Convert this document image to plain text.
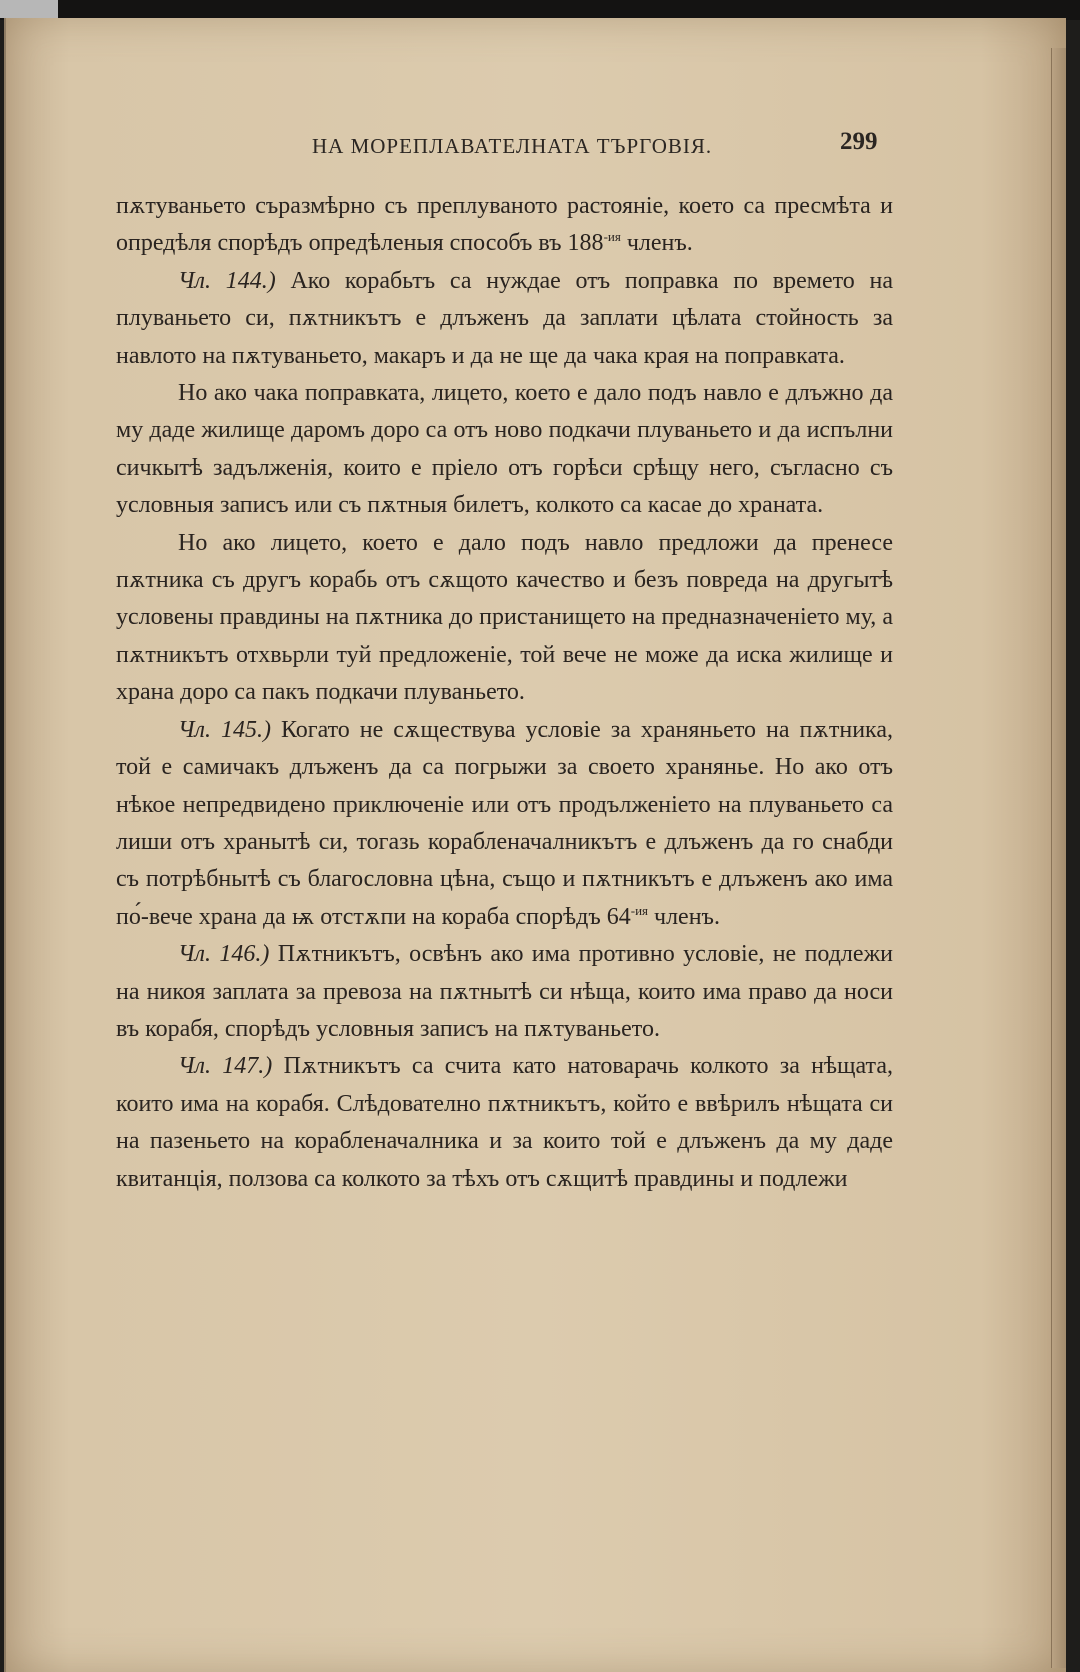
НА МОРЕПЛАВАТЕЛНАТА ТЪРГОВІЯ.	299

пѫтуваньето съразмѣрно съ преплуваното растояніе, което са пресмѣта и опредѣля спорѣдъ опредѣленыя способъ въ $188^{-ия}$ членъ.

Чл. 144.) Ако корабьтъ са нуждае отъ поправка по времето на плуваньето си, пѫтникътъ е длъженъ да заплати цѣлата стойность за навлото на пѫтуваньето, макаръ и да не ще да чака края на поправката.

Но ако чака поправката, лицето, което е дало подъ навло е длъжно да му даде жилище даромъ доро са отъ ново подкачи плуваньето и да испълни сичкытѣ задълженія, които е пріело отъ горѣси срѣщу него, съгласно съ условныя записъ или съ пѫтныя билетъ, колкото са касае до храната.

Но ако лицето, което е дало подъ навло предложи да пренесе пѫтника съ другъ корабь отъ сѫщото качество и безъ повреда на другытѣ условены правдины на пѫтника до пристанището на предназначеніето му, а пѫтникътъ отхвьрли туй предложеніе, той вече не може да иска жилище и храна доро са пакъ подкачи плуваньето.

Чл. 145.) Когато не сѫществува условіе за храняньето на пѫтника, той е самичакъ длъженъ да са погрыжи за своето храняньe. Но ако отъ нѣкое непредвидено приключеніе или отъ продълженіето на плуваньето са лиши отъ хранытѣ си, тогазь корабленачалникътъ е длъженъ да го снабди съ потрѣбнытѣ съ благословна цѣна, също и пѫтникътъ е длъженъ ако има по́-вече храна да ѭ отстѫпи на кораба спорѣдъ $64^{-ия}$ членъ.

Чл. 146.) Пѫтникътъ, освѣнъ ако има противно условіе, не подлежи на никоя заплата за превоза на пѫтнытѣ си нѣща, които има право да носи въ корабя, спорѣдъ условныя записъ на пѫтуваньето.

Чл. 147.) Пѫтникътъ са счита като натоварачь колкото за нѣщата, които има на корабя. Слѣдователно пѫтникътъ, който е ввѣрилъ нѣщата си на пазеньето на корабленачалника и за които той е длъженъ да му даде квитанція, ползова са колкото за тѣхъ отъ сѫщитѣ правдины и подлежи
